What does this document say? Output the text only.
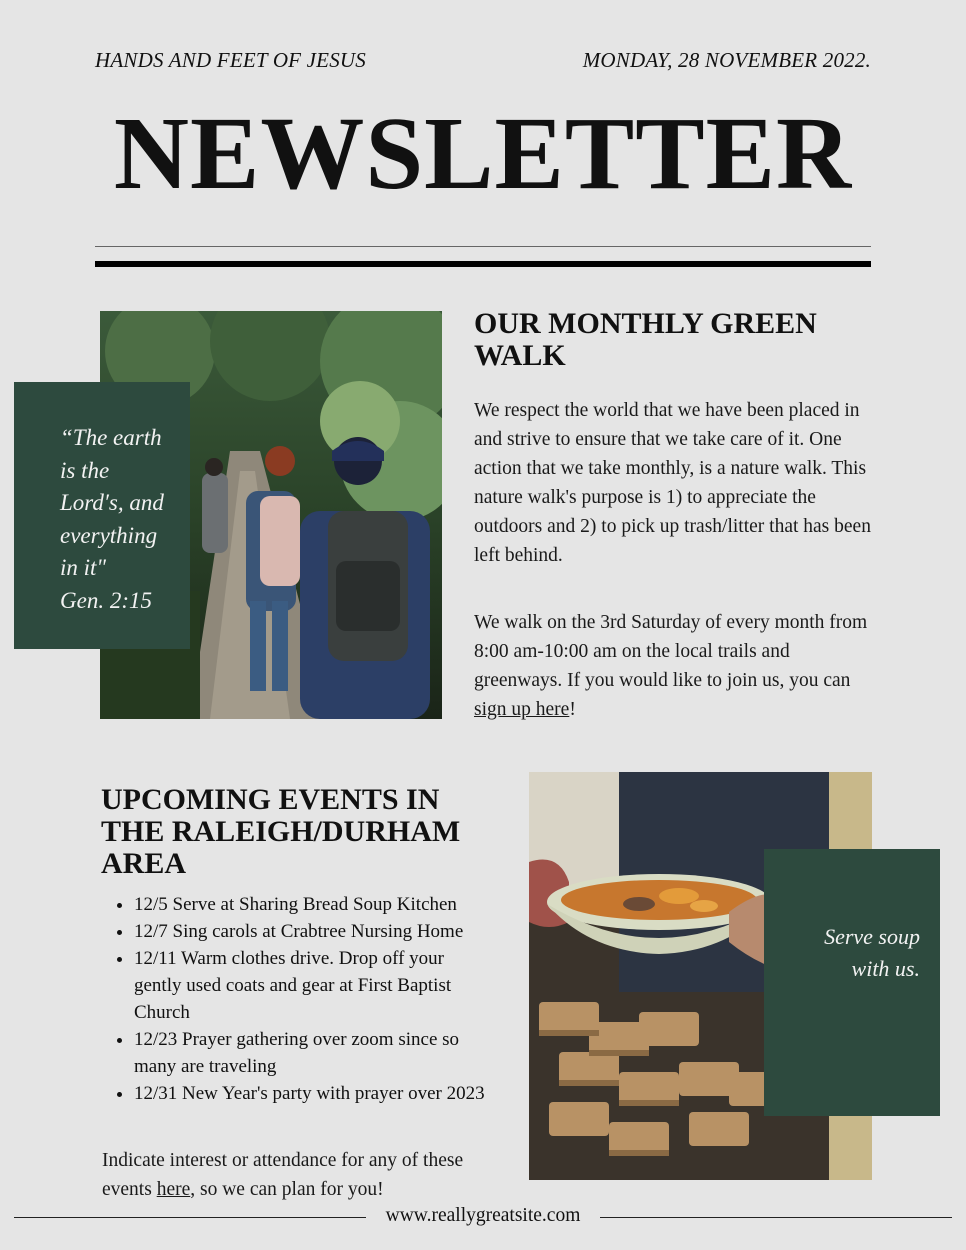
HANDS AND FEET OF JESUS	MONDAY, 28 NOVEMBER 2022.
NEWSLETTER
“The earth
is the
Lord′s, and
everything
in it"
Gen. 2:15
OUR MONTHLY GREEN WALK
We respect the world that we have been placed in and strive to ensure that we take care of it. One action that we take monthly, is a nature walk. This nature walk's purpose is 1) to appreciate the outdoors and 2) to pick up trash/litter that has been left behind.
We walk on the 3rd Saturday of every month from 8:00 am-10:00 am on the local trails and greenways. If you would like to join us, you can sign up here!
UPCOMING EVENTS IN THE RALEIGH/DURHAM AREA
• 12/5 Serve at Sharing Bread Soup Kitchen
• 12/7 Sing carols at Crabtree Nursing Home
• 12/11 Warm clothes drive. Drop off your gently used coats and gear at First Baptist Church
• 12/23 Prayer gathering over zoom since so many are traveling
• 12/31 New Year's party with prayer over 2023
Indicate interest or attendance for any of these events here, so we can plan for you!
Serve soup
with us.
www.reallygreatsite.com
